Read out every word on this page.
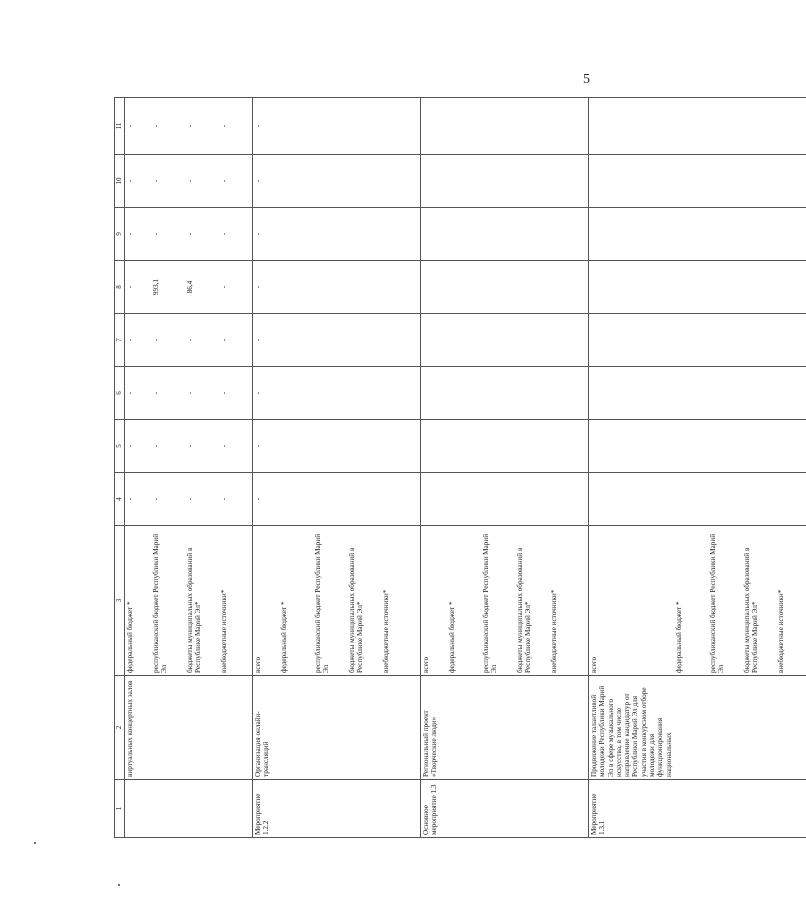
5
1	2	3	4	5	6	7	8	9	10	11
	виртуальных концертных залов	федеральный бюджет *	-	-	-	-	-	-	-	-
		республиканский бюджет Республики Марий Эл	-	-	-	-	993,1	-	-	-
		бюджеты муниципальных образований в Республике Марий Эл*	-	-	-	-	86,4	-	-	-
		внебюджетные источники*	-	-	-	-	-	-	-	-
Мероприятие 1.2.2	Организация онлайн-трансляций	всего	-	-	-	-	-	-	-	-
		федеральный бюджет *								
		республиканский бюджет Республики Марий Эл								
		бюджеты муниципальных образований в Республике Марий Эл*								
		внебюджетные источники*								
Основное мероприятие 1.3	Региональный проект «Творческие люди»	всего								
		федеральный бюджет *								
		республиканский бюджет Республики Марий Эл								
		бюджеты муниципальных образований в Республике Марий Эл*								
		внебюджетные источники*								
Мероприятие 1.3.1	Продвижение талантливой молодежи Республики Марий Эл в сфере музыкального искусства, в том числе направление кандидатур от Республики Марий Эл для участия в конкурсном отборе молодежи для функционирования национальных	всего								
		федеральный бюджет *								
		республиканский бюджет Республики Марий Эл								
		бюджеты муниципальных образований в Республике Марий Эл*								
		внебюджетные источники*								
